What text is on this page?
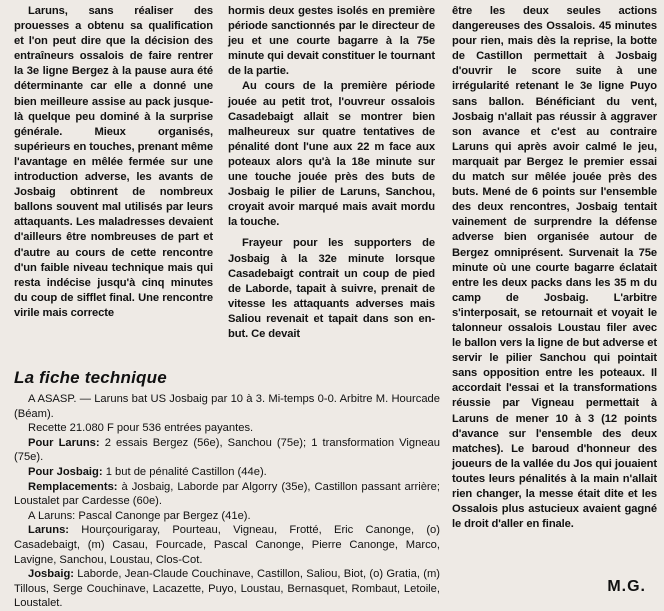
Laruns, sans réaliser des prouesses a obtenu sa qualification et l'on peut dire que la décision des entraîneurs ossalois de faire rentrer la 3e ligne Bergez à la pause aura été déterminante car elle a donné une bien meilleure assise au pack jusque-là quelque peu dominé à la surprise générale. Mieux organisés, supérieurs en touches, prenant même l'avantage en mêlée fermée sur une introduction adverse, les avants de Josbaig obtinrent de nombreux ballons souvent mal utilisés par leurs attaquants. Les maladresses devaient d'ailleurs être nombreuses de part et d'autre au cours de cette rencontre d'un faible niveau technique mais qui resta indécise jusqu'à cinq minutes du coup de sifflet final. Une rencontre virile mais correcte

hormis deux gestes isolés en première période sanctionnés par le directeur de jeu et une courte bagarre à la 75e minute qui devait constituer le tournant de la partie.

Au cours de la première période jouée au petit trot, l'ouvreur ossalois Casadebaigt allait se montrer bien malheureux sur quatre tentatives de pénalité dont l'une aux 22 m face aux poteaux alors qu'à la 18e minute sur une touche jouée près des buts de Josbaig le pilier de Laruns, Sanchou, croyait avoir marqué mais avait mordu la touche.

Frayeur pour les supporters de Josbaig à la 32e minute lorsque Casadebaigt contrait un coup de pied de Laborde, tapait à suivre, prenait de vitesse les attaquants adverses mais Saliou revenait et tapait dans son en-but. Ce devait

être les deux seules actions dangereuses des Ossalois. 45 minutes pour rien, mais dès la reprise, la botte de Castillon permettait à Josbaig d'ouvrir le score suite à une irrégularité retenant le 3e ligne Puyo sans ballon. Bénéficiant du vent, Josbaig n'allait pas réussir à aggraver son avance et c'est au contraire Laruns qui après avoir calmé le jeu, marquait par Bergez le premier essai du match sur mêlée jouée près des buts. Mené de 6 points sur l'ensemble des deux rencontres, Josbaig tentait vainement de surprendre la défense adverse bien organisée autour de Bergez omniprésent. Survenait la 75e minute où une courte bagarre éclatait entre les deux packs dans les 35 m du camp de Josbaig. L'arbitre s'interposait, se retournait et voyait le talonneur ossalois Loustau filer avec le ballon vers la ligne de but adverse et servir le pilier Sanchou qui pointait sans opposition entre les poteaux. Il accordait l'essai et la transformations réussie par Vigneau permettait à Laruns de mener 10 à 3 (12 points d'avance sur l'ensemble des deux matches). Le baroud d'honneur des joueurs de la vallée du Jos qui jouaient toutes leurs pénalités à la main n'allait rien changer, la messe était dite et les Ossalois plus astucieux avaient gagné le droit d'aller en finale.

La fiche technique

A ASASP. — Laruns bat US Josbaig par 10 à 3. Mi-temps 0-0. Arbitre M. Hourcade (Béam).

Recette 21.080 F pour 536 entrées payantes.

Pour Laruns: 2 essais Bergez (56e), Sanchou (75e); 1 transformation Vigneau (75e).

Pour Josbaig: 1 but de pénalité Castillon (44e).

Remplacements: à Josbaig, Laborde par Algorry (35e), Castillon passant arrière; Loustalet par Cardesse (60e).

A Laruns: Pascal Canonge par Bergez (41e).

Laruns: Hourçourigaray, Pourteau, Vigneau, Frotté, Eric Canonge, (o) Casadebaigt, (m) Casau, Fourcade, Pascal Canonge, Pierre Canonge, Marco, Lavigne, Sanchou, Loustau, Clos-Cot.

Josbaig: Laborde, Jean-Claude Couchinave, Castillon, Saliou, Biot, (o) Gratia, (m) Tillous, Serge Couchinave, Lacazette, Puyo, Loustau, Bernasquet, Rombaut, Letoile, Loustalet.

M.G.
